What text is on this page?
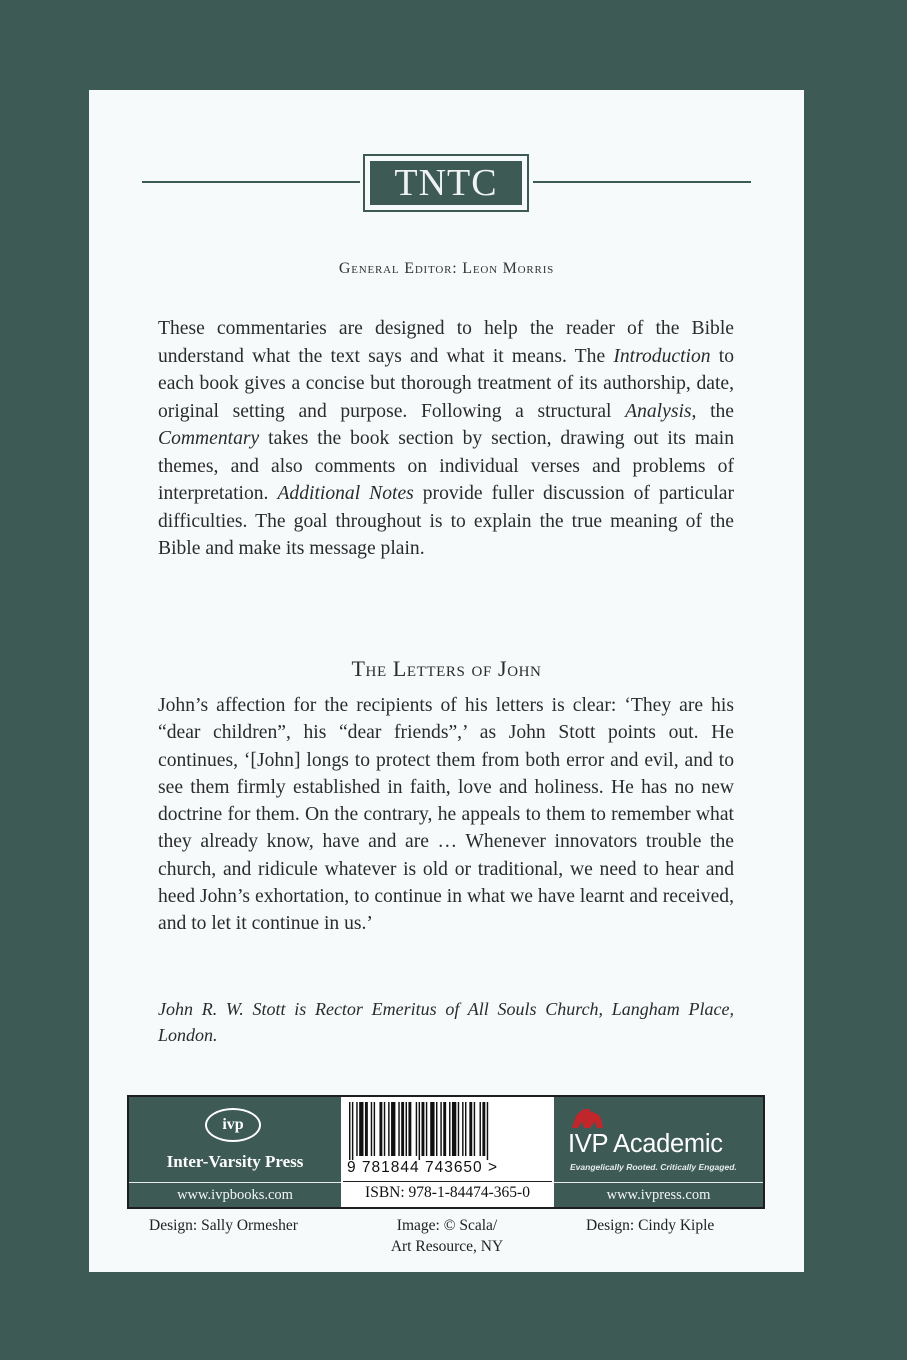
TNTC
General Editor: Leon Morris
These commentaries are designed to help the reader of the Bible understand what the text says and what it means. The Introduction to each book gives a concise but thorough treatment of its authorship, date, original setting and purpose. Following a structural Analysis, the Commentary takes the book section by section, drawing out its main themes, and also comments on individual verses and problems of interpretation. Additional Notes provide fuller discussion of particular difficulties. The goal throughout is to explain the true meaning of the Bible and make its message plain.
The Letters of John
John’s affection for the recipients of his letters is clear: ‘They are his “dear children”, his “dear friends”,’ as John Stott points out. He continues, ‘[John] longs to protect them from both error and evil, and to see them firmly established in faith, love and holiness. He has no new doctrine for them. On the contrary, he appeals to them to remember what they already know, have and are … Whenever innovators trouble the church, and ridicule whatever is old or traditional, we need to hear and heed John’s exhortation, to continue in what we have learnt and received, and to let it continue in us.’
John R. W. Stott is Rector Emeritus of All Souls Church, Langham Place, London.
ivp
Inter-Varsity Press
www.ivpbooks.com
9 781844 743650 >
ISBN: 978-1-84474-365-0
IVP Academic
Evangelically Rooted. Critically Engaged.
www.ivpress.com
Design: Sally Ormesher	Image: © Scala/
Art Resource, NY
Design: Cindy Kiple
